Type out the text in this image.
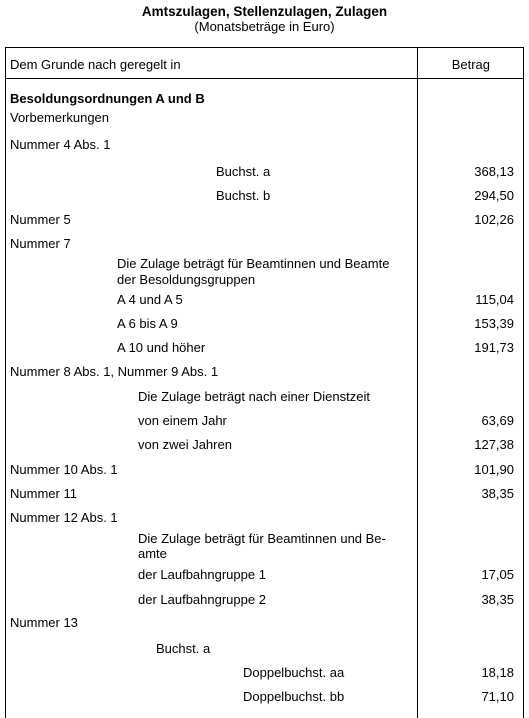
Amtszulagen, Stellenzulagen, Zulagen
(Monatsbeträge in Euro)
Dem Grunde nach geregelt in	Betrag
Besoldungsordnungen A und B
Vorbemerkungen
Nummer 4 Abs. 1
Buchst. a	368,13
Buchst. b	294,50
Nummer 5	102,26
Nummer 7
Die Zulage beträgt für Beamtinnen und Beamte
der Besoldungsgruppen
A 4 und A 5	115,04
A 6 bis A 9	153,39
A 10 und höher	191,73
Nummer 8 Abs. 1, Nummer 9 Abs. 1
Die Zulage beträgt nach einer Dienstzeit
von einem Jahr	63,69
von zwei Jahren	127,38
Nummer 10 Abs. 1	101,90
Nummer 11	38,35
Nummer 12 Abs. 1
Die Zulage beträgt für Beamtinnen und Be-
amte
der Laufbahngruppe 1	17,05
der Laufbahngruppe 2	38,35
Nummer 13
Buchst. a
Doppelbuchst. aa	18,18
Doppelbuchst. bb	71,10
